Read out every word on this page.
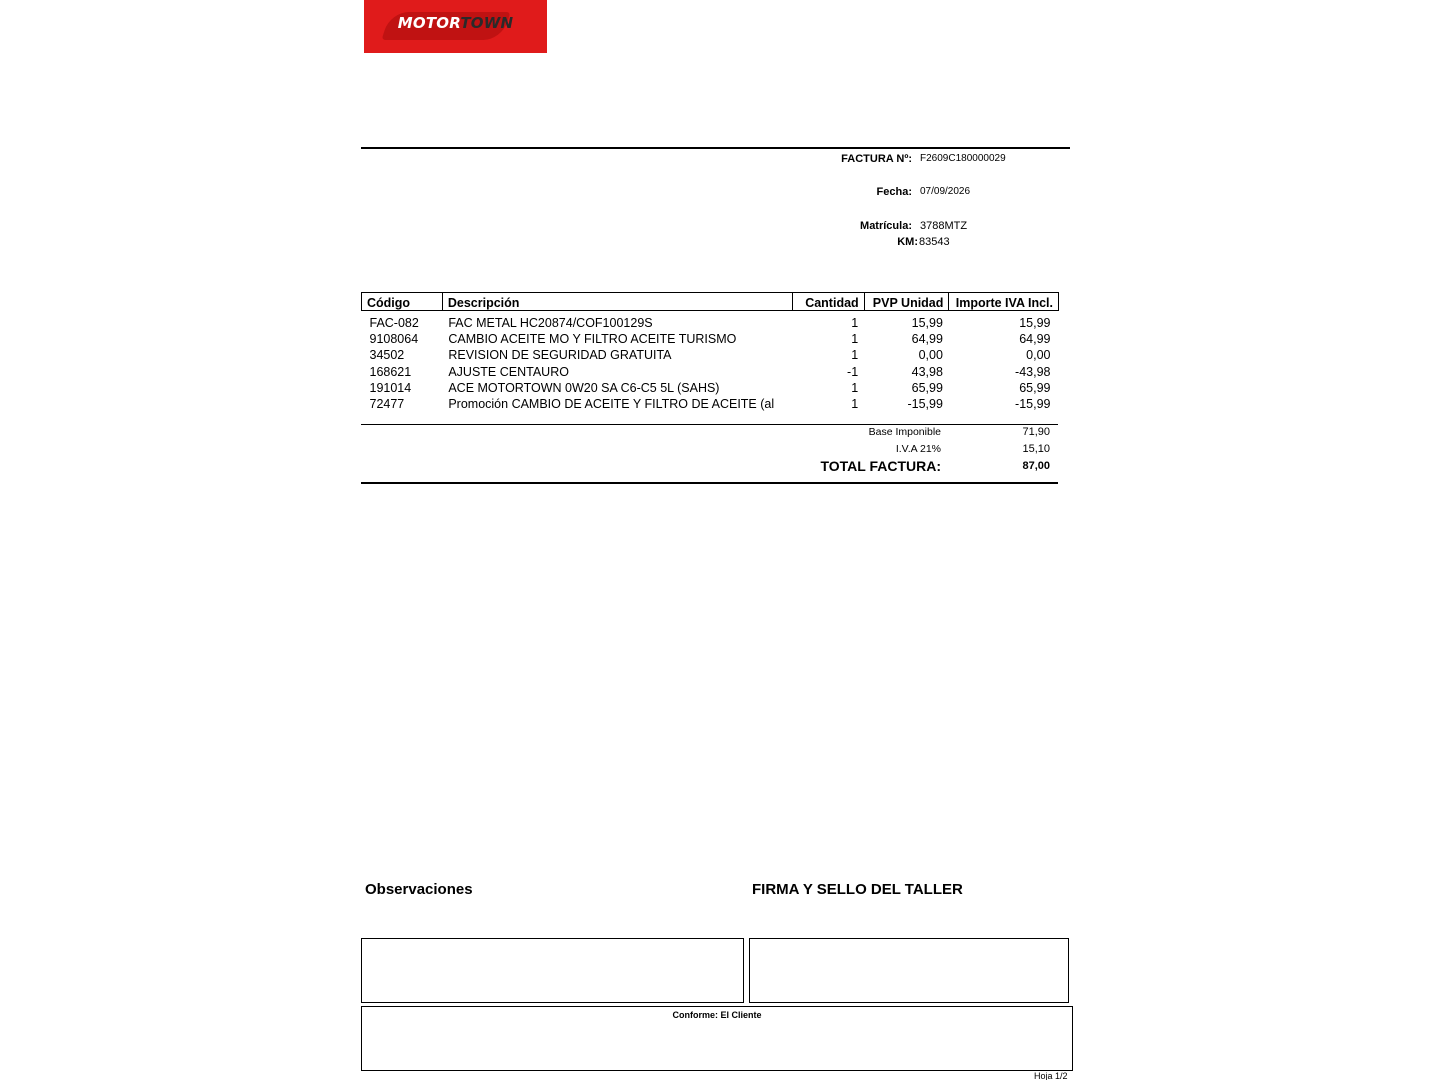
MOTORTOWN
FACTURA Nº: F2609C180000029
Fecha: 07/09/2026
Matrícula: 3788MTZ
KM: 83543
Código	Descripción	Cantidad	PVP Unidad	Importe IVA Incl.

FAC-082	FAC METAL HC20874/COF100129S	1	15,99	15,99
9108064	CAMBIO ACEITE MO Y FILTRO ACEITE TURISMO	1	64,99	64,99
34502	REVISION DE SEGURIDAD GRATUITA	1	0,00	0,00
168621	AJUSTE CENTAURO	-1	43,98	-43,98
191014	ACE MOTORTOWN 0W20 SA C6-C5 5L (SAHS)	1	65,99	65,99
72477	Promoción CAMBIO DE ACEITE Y FILTRO DE ACEITE (al	1	-15,99	-15,99
Base Imponible	71,90
I.V.A 21%	15,10
TOTAL FACTURA:	87,00
Observaciones	FIRMA Y SELLO DEL TALLER
Conforme: El Cliente
Hoja 1/2
